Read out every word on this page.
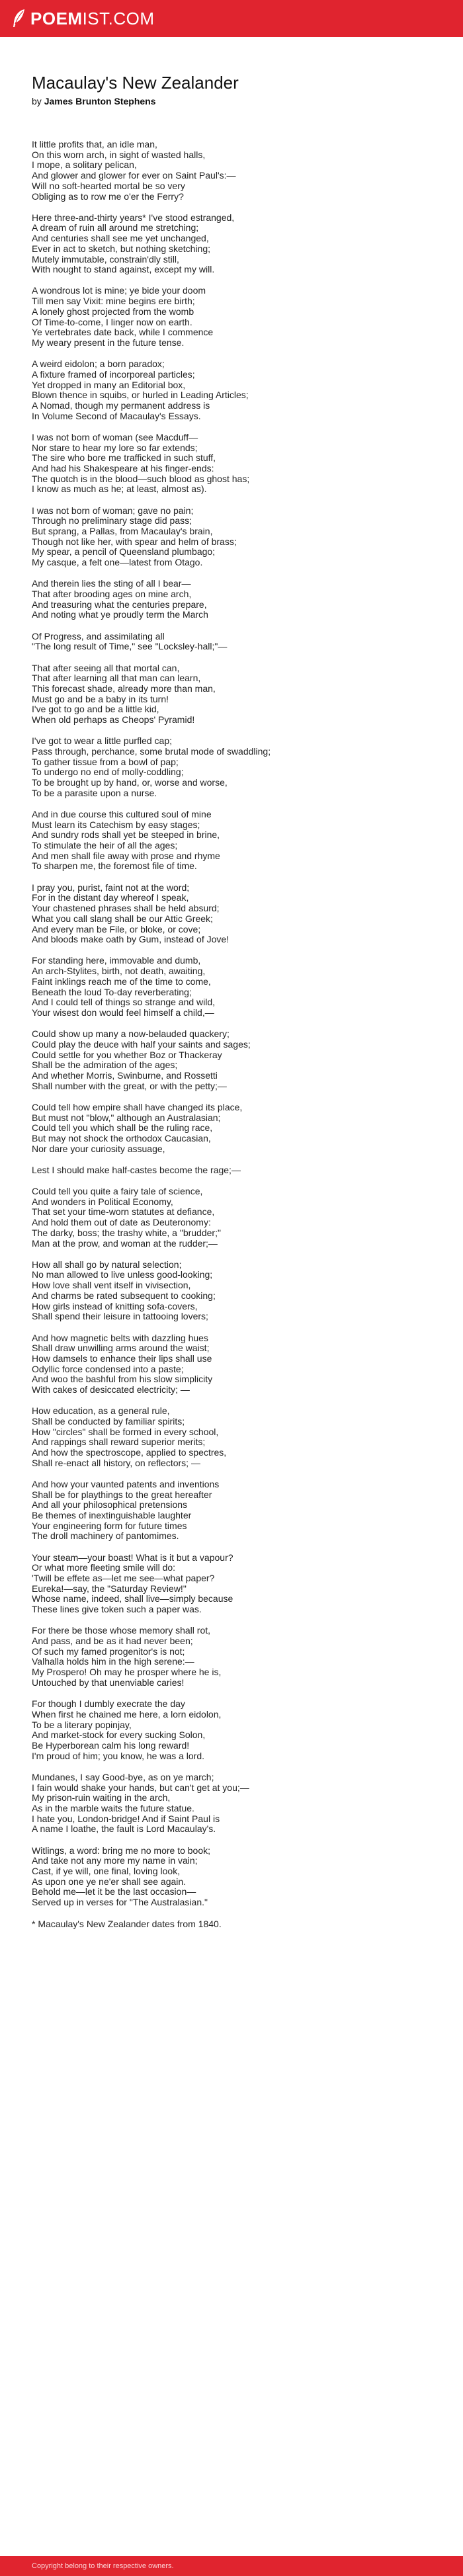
POEMIST.COM
Macaulay's New Zealander

by James Brunton Stephens

It little profits that, an idle man,
On this worn arch, in sight of wasted halls,
I mope, a solitary pelican,
And glower and glower for ever on Saint Paul's:—
Will no soft-hearted mortal be so very
Obliging as to row me o'er the Ferry?
Here three-and-thirty years* I've stood estranged,
A dream of ruin all around me stretching;
And centuries shall see me yet unchanged,
Ever in act to sketch, but nothing sketching;
Mutely immutable, constrain'dly still,
With nought to stand against, except my will.
A wondrous lot is mine; ye bide your doom
Till men say Vixit: mine begins ere birth;
A lonely ghost projected from the womb
Of Time-to-come, I linger now on earth.
Ye vertebrates date back, while I commence
My weary present in the future tense.
A weird eidolon; a born paradox;
A fixture framed of incorporeal particles;
Yet dropped in many an Editorial box,
Blown thence in squibs, or hurled in Leading Articles;
A Nomad, though my permanent address is
In Volume Second of Macaulay's Essays.
I was not born of woman (see Macduff—
Nor stare to hear my lore so far extends;
The sire who bore me trafficked in such stuff,
And had his Shakespeare at his finger-ends:
The quotch is in the blood—such blood as ghost has;
I know as much as he; at least, almost as).
I was not born of woman; gave no pain;
Through no preliminary stage did pass;
But sprang, a Pallas, from Macaulay's brain,
Though not like her, with spear and helm of brass;
My spear, a pencil of Queensland plumbago;
My casque, a felt one—latest from Otago.
And therein lies the sting of all I bear—
That after brooding ages on mine arch,
And treasuring what the centuries prepare,
And noting what ye proudly term the March
Of Progress, and assimilating all
"The long result of Time," see "Locksley-hall;"—
That after seeing all that mortal can,
That after learning all that man can learn,
This forecast shade, already more than man,
Must go and be a baby in its turn!
I've got to go and be a little kid,
When old perhaps as Cheops' Pyramid!
I've got to wear a little purfled cap;
Pass through, perchance, some brutal mode of swaddling;
To gather tissue from a bowl of pap;
To undergo no end of molly-coddling;
To be brought up by hand, or, worse and worse,
To be a parasite upon a nurse.
And in due course this cultured soul of mine
Must learn its Catechism by easy stages;
And sundry rods shall yet be steeped in brine,
To stimulate the heir of all the ages;
And men shall file away with prose and rhyme
To sharpen me, the foremost file of time.
I pray you, purist, faint not at the word;
For in the distant day whereof I speak,
Your chastened phrases shall be held absurd;
What you call slang shall be our Attic Greek;
And every man be File, or bloke, or cove;
And bloods make oath by Gum, instead of Jove!
For standing here, immovable and dumb,
An arch-Stylites, birth, not death, awaiting,
Faint inklings reach me of the time to come,
Beneath the loud To-day reverberating;
And I could tell of things so strange and wild,
Your wisest don would feel himself a child,—
Could show up many a now-belauded quackery;
Could play the deuce with half your saints and sages;
Could settle for you whether Boz or Thackeray
Shall be the admiration of the ages;
And whether Morris, Swinburne, and Rossetti
Shall number with the great, or with the petty;—
Could tell how empire shall have changed its place,
But must not "blow," although an Australasian;
Could tell you which shall be the ruling race,
But may not shock the orthodox Caucasian,
Nor dare your curiosity assuage,
Lest I should make half-castes become the rage;—
Could tell you quite a fairy tale of science,
And wonders in Political Economy,
That set your time-worn statutes at defiance,
And hold them out of date as Deuteronomy:
The darky, boss; the trashy white, a "brudder;"
Man at the prow, and woman at the rudder;—
How all shall go by natural selection;
No man allowed to live unless good-looking;
How love shall vent itself in vivisection,
And charms be rated subsequent to cooking;
How girls instead of knitting sofa-covers,
Shall spend their leisure in tattooing lovers;
And how magnetic belts with dazzling hues
Shall draw unwilling arms around the waist;
How damsels to enhance their lips shall use
Odyllic force condensed into a paste;
And woo the bashful from his slow simplicity
With cakes of desiccated electricity; —
How education, as a general rule,
Shall be conducted by familiar spirits;
How "circles" shall be formed in every school,
And rappings shall reward superior merits;
And how the spectroscope, applied to spectres,
Shall re-enact all history, on reflectors; —
And how your vaunted patents and inventions
Shall be for playthings to the great hereafter
And all your philosophical pretensions
Be themes of inextinguishable laughter
Your engineering form for future times
The droll machinery of pantomimes.
Your steam—your boast! What is it but a vapour?
Or what more fleeting smile will do:
'Twill be effete as—let me see—what paper?
Eureka!—say, the "Saturday Review!"
Whose name, indeed, shall live—simply because
These lines give token such a paper was.
For there be those whose memory shall rot,
And pass, and be as it had never been;
Of such my famed progenitor's is not;
Valhalla holds him in the high serene:—
My Prospero! Oh may he prosper where he is,
Untouched by that unenviable caries!
For though I dumbly execrate the day
When first he chained me here, a lorn eidolon,
To be a literary popinjay,
And market-stock for every sucking Solon,
Be Hyperborean calm his long reward!
I'm proud of him; you know, he was a lord.
Mundanes, I say Good-bye, as on ye march;
I fain would shake your hands, but can't get at you;—
My prison-ruin waiting in the arch,
As in the marble waits the future statue.
I hate you, London-bridge! And if Saint Paul is
A name I loathe, the fault is Lord Macaulay's.
Witlings, a word: bring me no more to book;
And take not any more my name in vain;
Cast, if ye will, one final, loving look,
As upon one ye ne'er shall see again.
Behold me—let it be the last occasion—
Served up in verses for "The Australasian."
* Macaulay's New Zealander dates from 1840.
Copyright belong to their respective owners.
